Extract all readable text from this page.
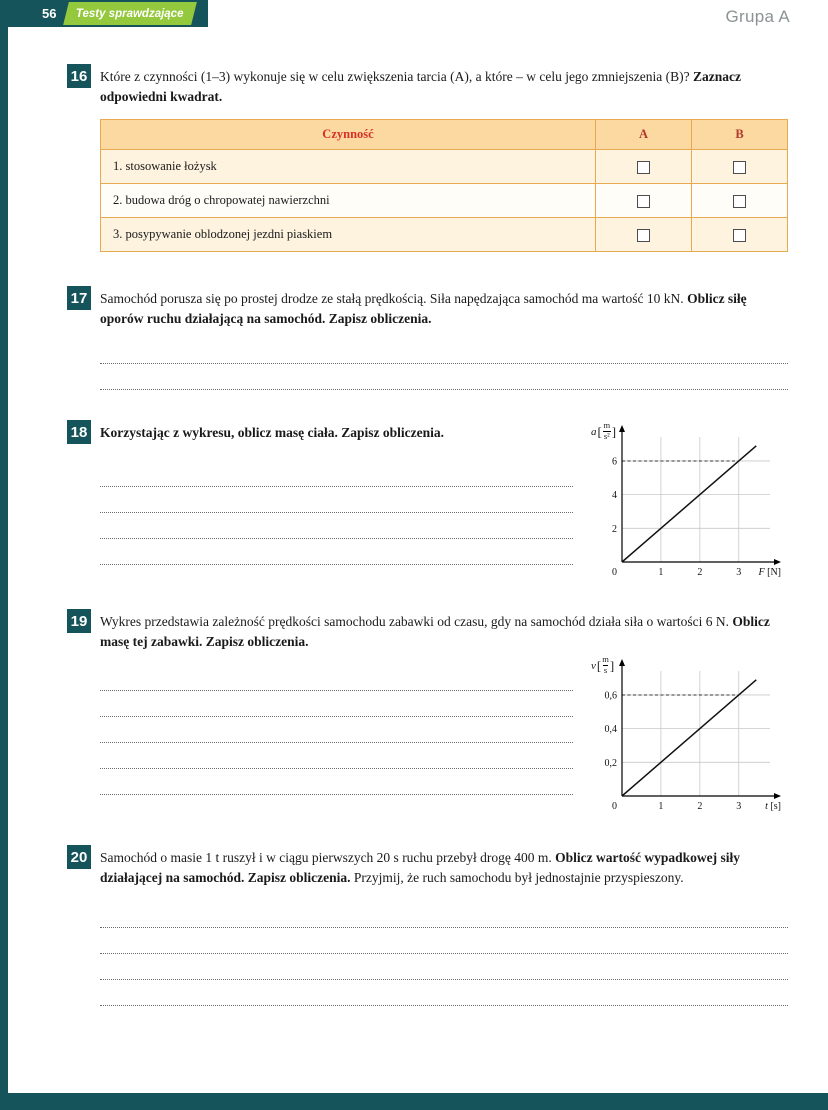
56	Testy sprawdzające	Grupa A
16 Które z czynności (1–3) wykonuje się w celu zwiększenia tarcia (A), a które – w celu jego zmniejszenia (B)? Zaznacz odpowiedni kwadrat.

Czynność	A	B
1. stosowanie łożysk		
2. budowa dróg o chropowatej nawierzchni		
3. posypywanie oblodzonej jezdni piaskiem		
17 Samochód porusza się po prostej drodze ze stałą prędkością. Siła napędzająca samochód ma wartość 10 kN. Oblicz siłę oporów ruchu działającą na samochód. Zapisz obliczenia.

18 Korzystając z wykresu, oblicz masę ciała. Zapisz obliczenia.	a [ $\frac{m}{\text{s²}}$ ]
1	2	3
2
4
6
0	F [N]
19 Wykres przedstawia zależność prędkości samochodu zabawki od czasu, gdy na samochód działa siła o wartości 6 N. Oblicz masę tej zabawki. Zapisz obliczenia.

v [ $\frac{m}{s}$ ]
1	2	3
0,2
0,4
0,6
0	t [s]
20 Samochód o masie 1 t ruszył i w ciągu pierwszych 20 s ruchu przebył drogę 400 m. Oblicz wartość wypadkowej siły działającej na samochód. Zapisz obliczenia. Przyjmij, że ruch samochodu był jednostajnie przyspieszony.
